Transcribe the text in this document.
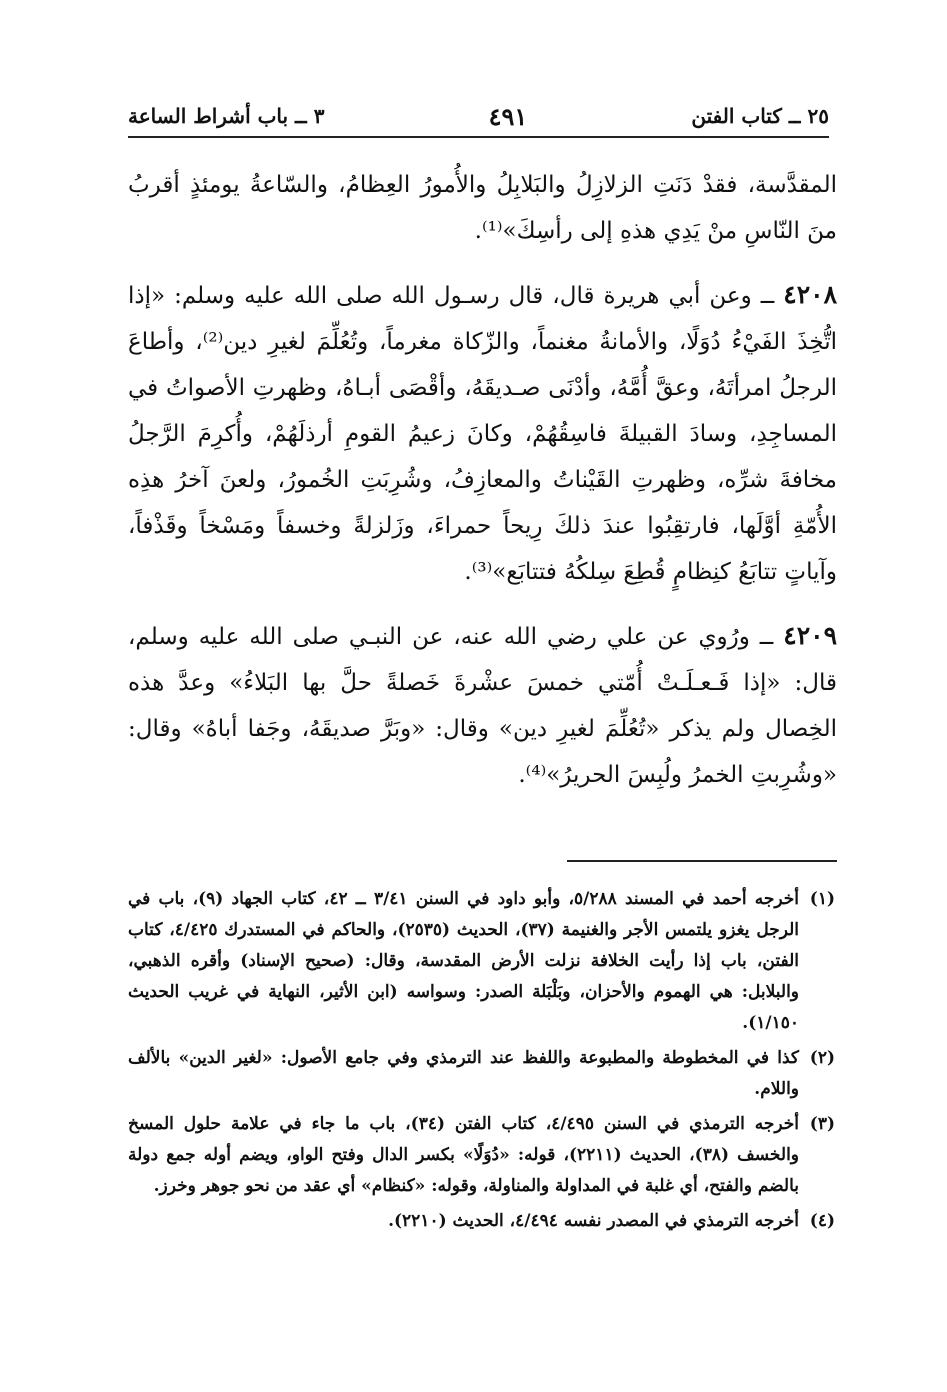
٢٥ ــ كتاب الفتن
٤٩١
٣ ــ باب أشراط الساعة

المقدَّسة، فقدْ دَنَتِ الزلازِلُ والبَلابِلُ والأُمورُ العِظامُ، والسّاعةُ يومئذٍ أقربُ منَ النّاسِ منْ يَدِي هذهِ إلى رأسِكَ»⁽¹⁾.

٤٢٠٨ ــ وعن أبي هريرة قال، قال رسـول الله صلى الله عليه وسلم: «إذا اتُّخِذَ الفَيْءُ دُوَلًا، والأمانةُ مغنماً، والزّكاة مغرماً، وتُعُلِّمَ لغيرِ دين⁽²⁾، وأطاعَ الرجلُ امرأتَهُ، وعقَّ أُمَّهُ، وأدْنَى صـديقَهُ، وأقْصَى أبـاهُ، وظهرتِ الأصواتُ في المساجِدِ، وسادَ القبيلةَ فاسِقُهُمْ، وكانَ زعيمُ القومِ أرذلَهُمْ، وأُكرِمَ الرَّجلُ مخافةَ شرِّه، وظهرتِ القَيْناتُ والمعازِفُ، وشُرِبَتِ الخُمورُ، ولعنَ آخرُ هذِه الأُمّةِ أوَّلَها، فارتقِبُوا عندَ ذلكَ رِيحاً حمراءَ، وزَلزلةً وخسفاً ومَسْخاً وقَذْفاً، وآياتٍ تتابَعُ كنِظامٍ قُطِعَ سِلكُهُ فتتابَع»⁽³⁾.

٤٢٠٩ ــ ورُوي عن علي رضي الله عنه، عن النبـي صلى الله عليه وسلم، قال: «إذا فَـعـلَـتْ أُمّتي خمسَ عشْرةَ خَصلةً حلَّ بها البَلاءُ» وعدَّ هذه الخِصال ولم يذكر «تُعُلِّمَ لغيرِ دين» وقال: «وبَرَّ صديقَهُ، وجَفا أباهُ» وقال: «وشُرِبتِ الخمرُ ولُبِسَ الحريرُ»⁽⁴⁾.

(١)
أخرجه أحمد في المسند ٥/٢٨٨، وأبو داود في السنن ٣/٤١ ــ ٤٢، كتاب الجهاد (٩)، باب في الرجل يغزو يلتمس الأجر والغنيمة (٣٧)، الحديث (٢٥٣٥)، والحاكم في المستدرك ٤/٤٢٥، كتاب الفتن، باب إذا رأيت الخلافة نزلت الأرض المقدسة، وقال: (صحيح الإسناد) وأقره الذهبي، والبلابل: هي الهموم والأحزان، وبَلْبَلة الصدر: وسواسه (ابن الأثير، النهاية في غريب الحديث ١/١٥٠).
(٢)
كذا في المخطوطة والمطبوعة واللفظ عند الترمذي وفي جامع الأصول: «لغير الدين» بالألف واللام.
(٣)
أخرجه الترمذي في السنن ٤/٤٩٥، كتاب الفتن (٣٤)، باب ما جاء في علامة حلول المسخ والخسف (٣٨)، الحديث (٢٢١١)، قوله: «دُوَلًا» بكسر الدال وفتح الواو، ويضم أوله جمع دولة بالضم والفتح، أي غلبة في المداولة والمناولة، وقوله: «كنظام» أي عقد من نحو جوهر وخرز.
(٤)
أخرجه الترمذي في المصدر نفسه ٤/٤٩٤، الحديث (٢٢١٠).
